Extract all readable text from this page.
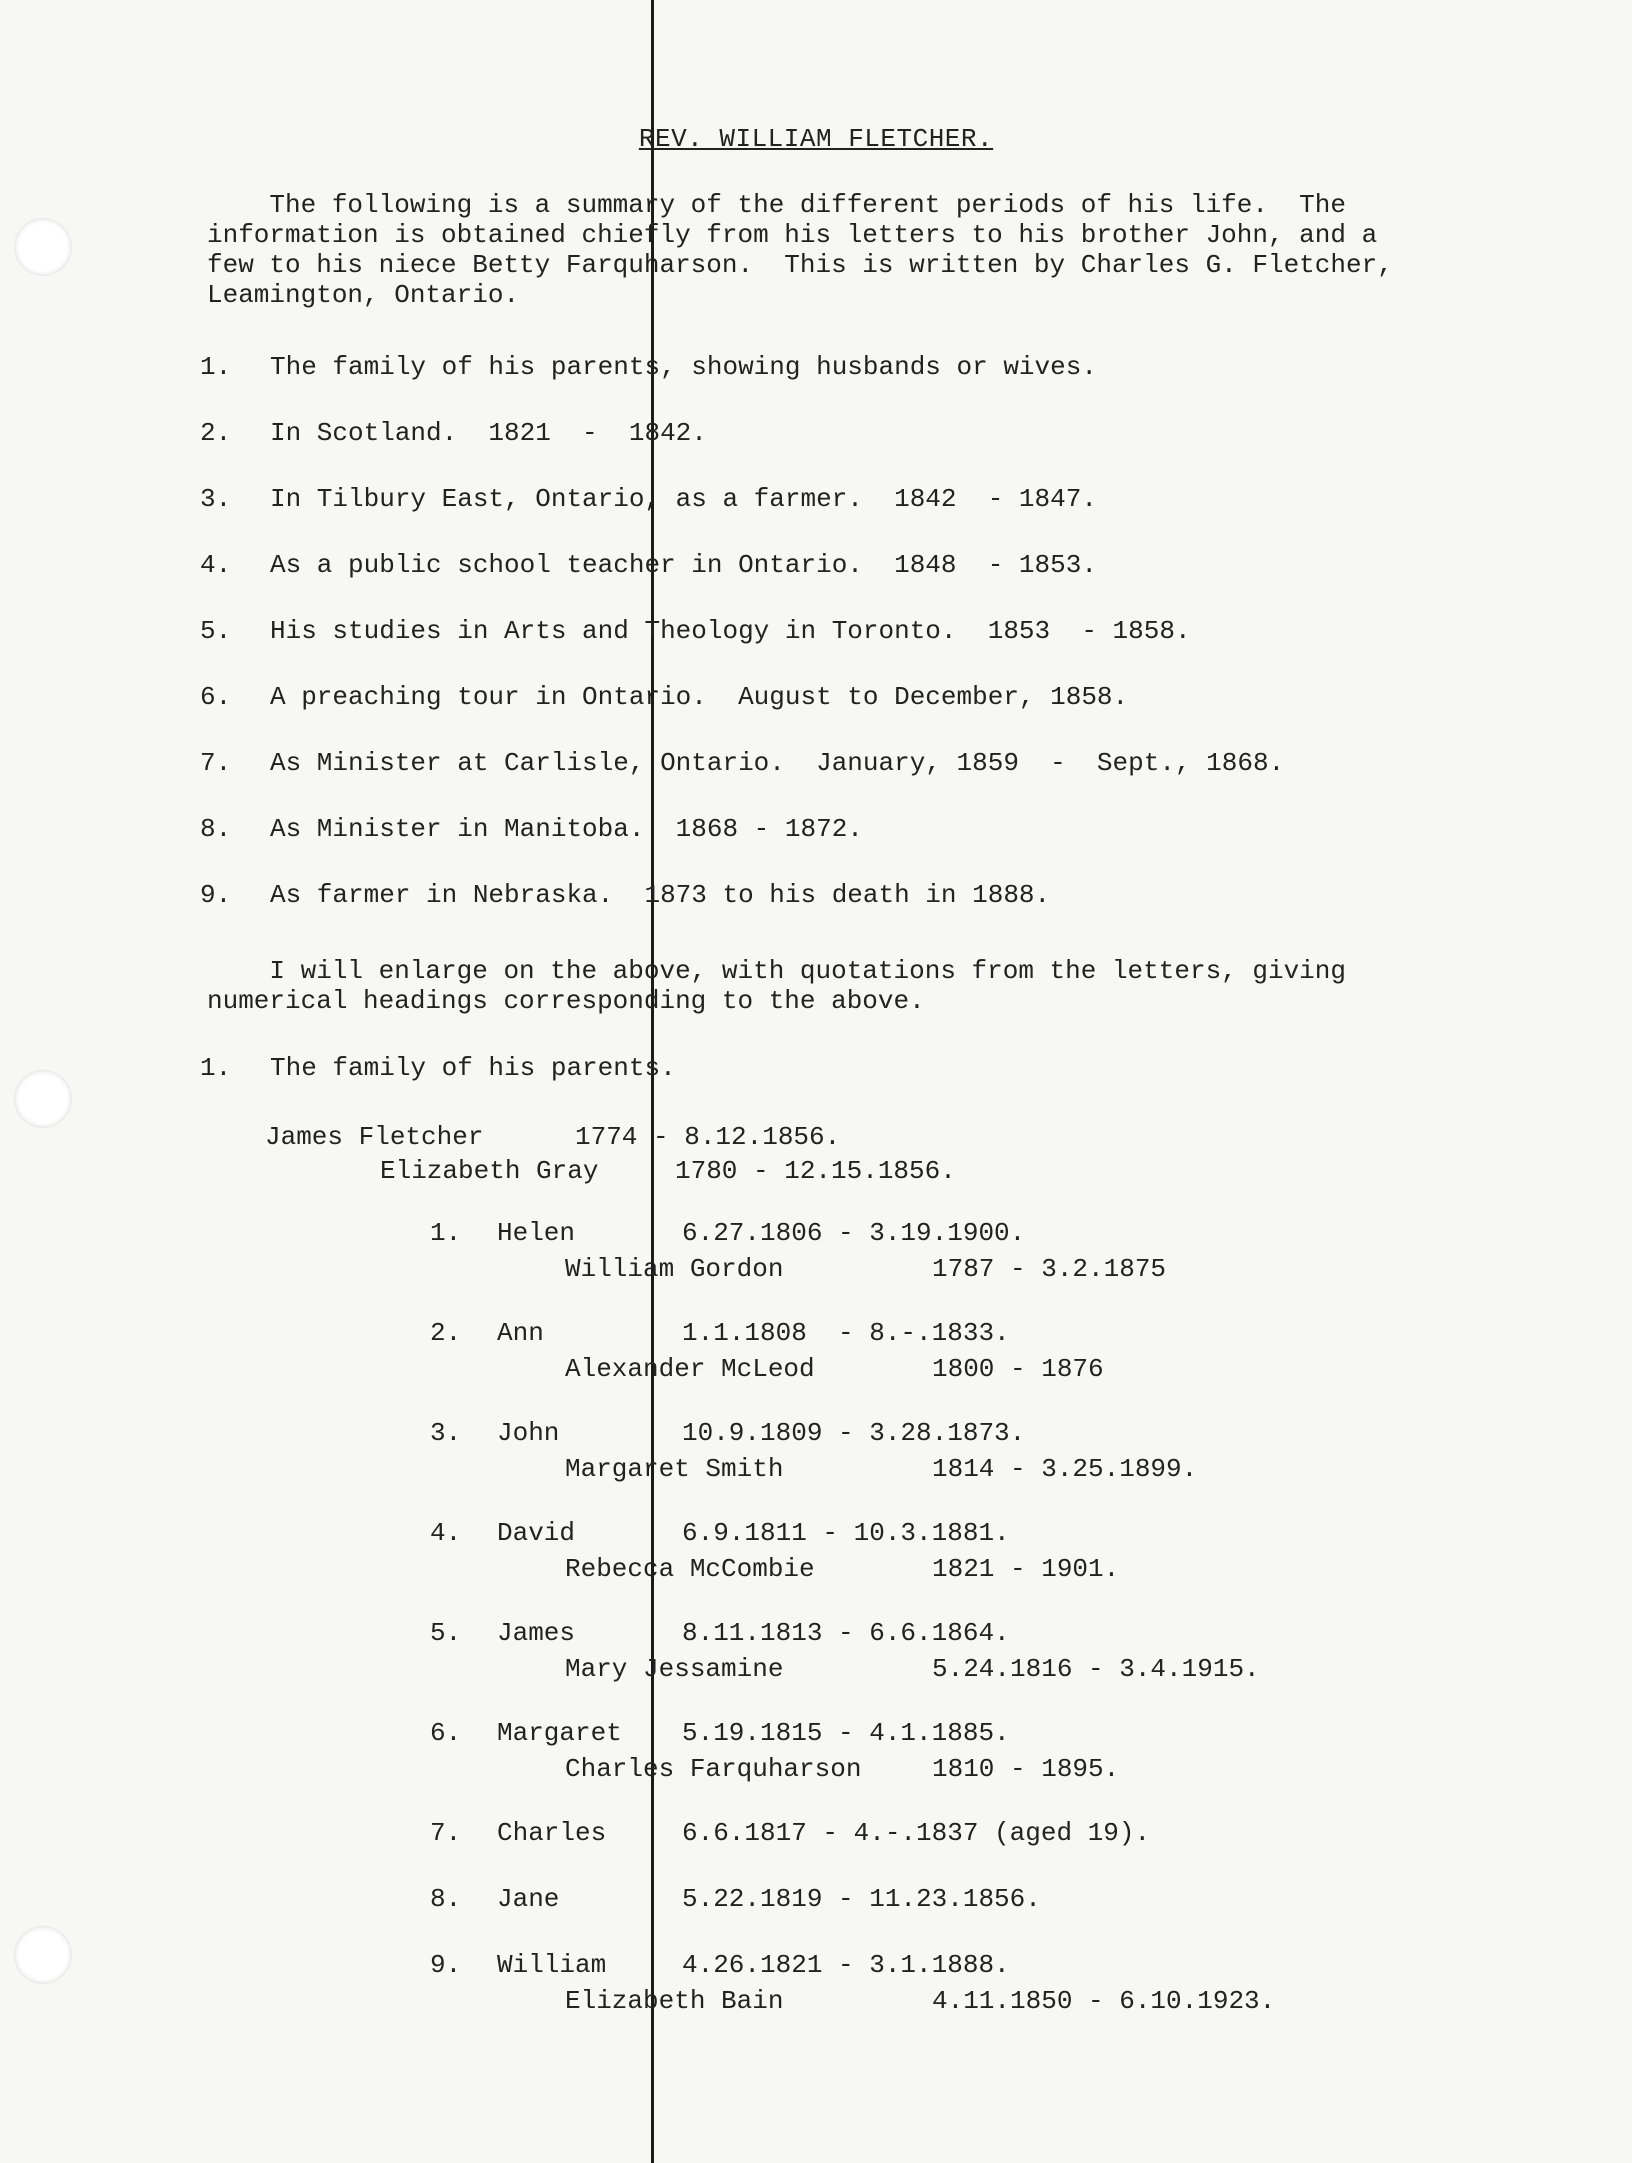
REV. WILLIAM FLETCHER.
The following is a summary of the different periods of his life.  The
information is obtained chiefly from his letters to his brother John, and a
few to his niece Betty Farquharson.  This is written by Charles G. Fletcher,
Leamington, Ontario.
1.	The family of his parents, showing husbands or wives.
2.	In Scotland.  1821  -  1842.
3.	In Tilbury East, Ontario, as a farmer.  1842  - 1847.
4.	As a public school teacher in Ontario.  1848  - 1853.
5.	His studies in Arts and Theology in Toronto.  1853  - 1858.
6.	A preaching tour in Ontario.  August to December, 1858.
7.	As Minister at Carlisle, Ontario.  January, 1859  -  Sept., 1868.
8.	As Minister in Manitoba.  1868 - 1872.
9.	As farmer in Nebraska.  1873 to his death in 1888.
I will enlarge on the above, with quotations from the letters, giving
numerical headings corresponding to the above.
1.	The family of his parents.
James Fletcher	1774 - 8.12.1856.
Elizabeth Gray	1780 - 12.15.1856.
1. Helen	6.27.1806 - 3.19.1900.
William Gordon	1787 - 3.2.1875
2. Ann	1.1.1808  - 8.-.1833.
Alexander McLeod	1800 - 1876
3. John	10.9.1809 - 3.28.1873.
Margaret Smith	1814 - 3.25.1899.
4. David	6.9.1811 - 10.3.1881.
Rebecca McCombie	1821 - 1901.
5. James	8.11.1813 - 6.6.1864.
Mary Jessamine	5.24.1816 - 3.4.1915.
6. Margaret 5.19.1815 - 4.1.1885.
Charles Farquharson	1810 - 1895.
7. Charles	6.6.1817 - 4.-.1837 (aged 19).
8. Jane	5.22.1819 - 11.23.1856.
9. William	4.26.1821 - 3.1.1888.
Elizabeth Bain	4.11.1850 - 6.10.1923.
